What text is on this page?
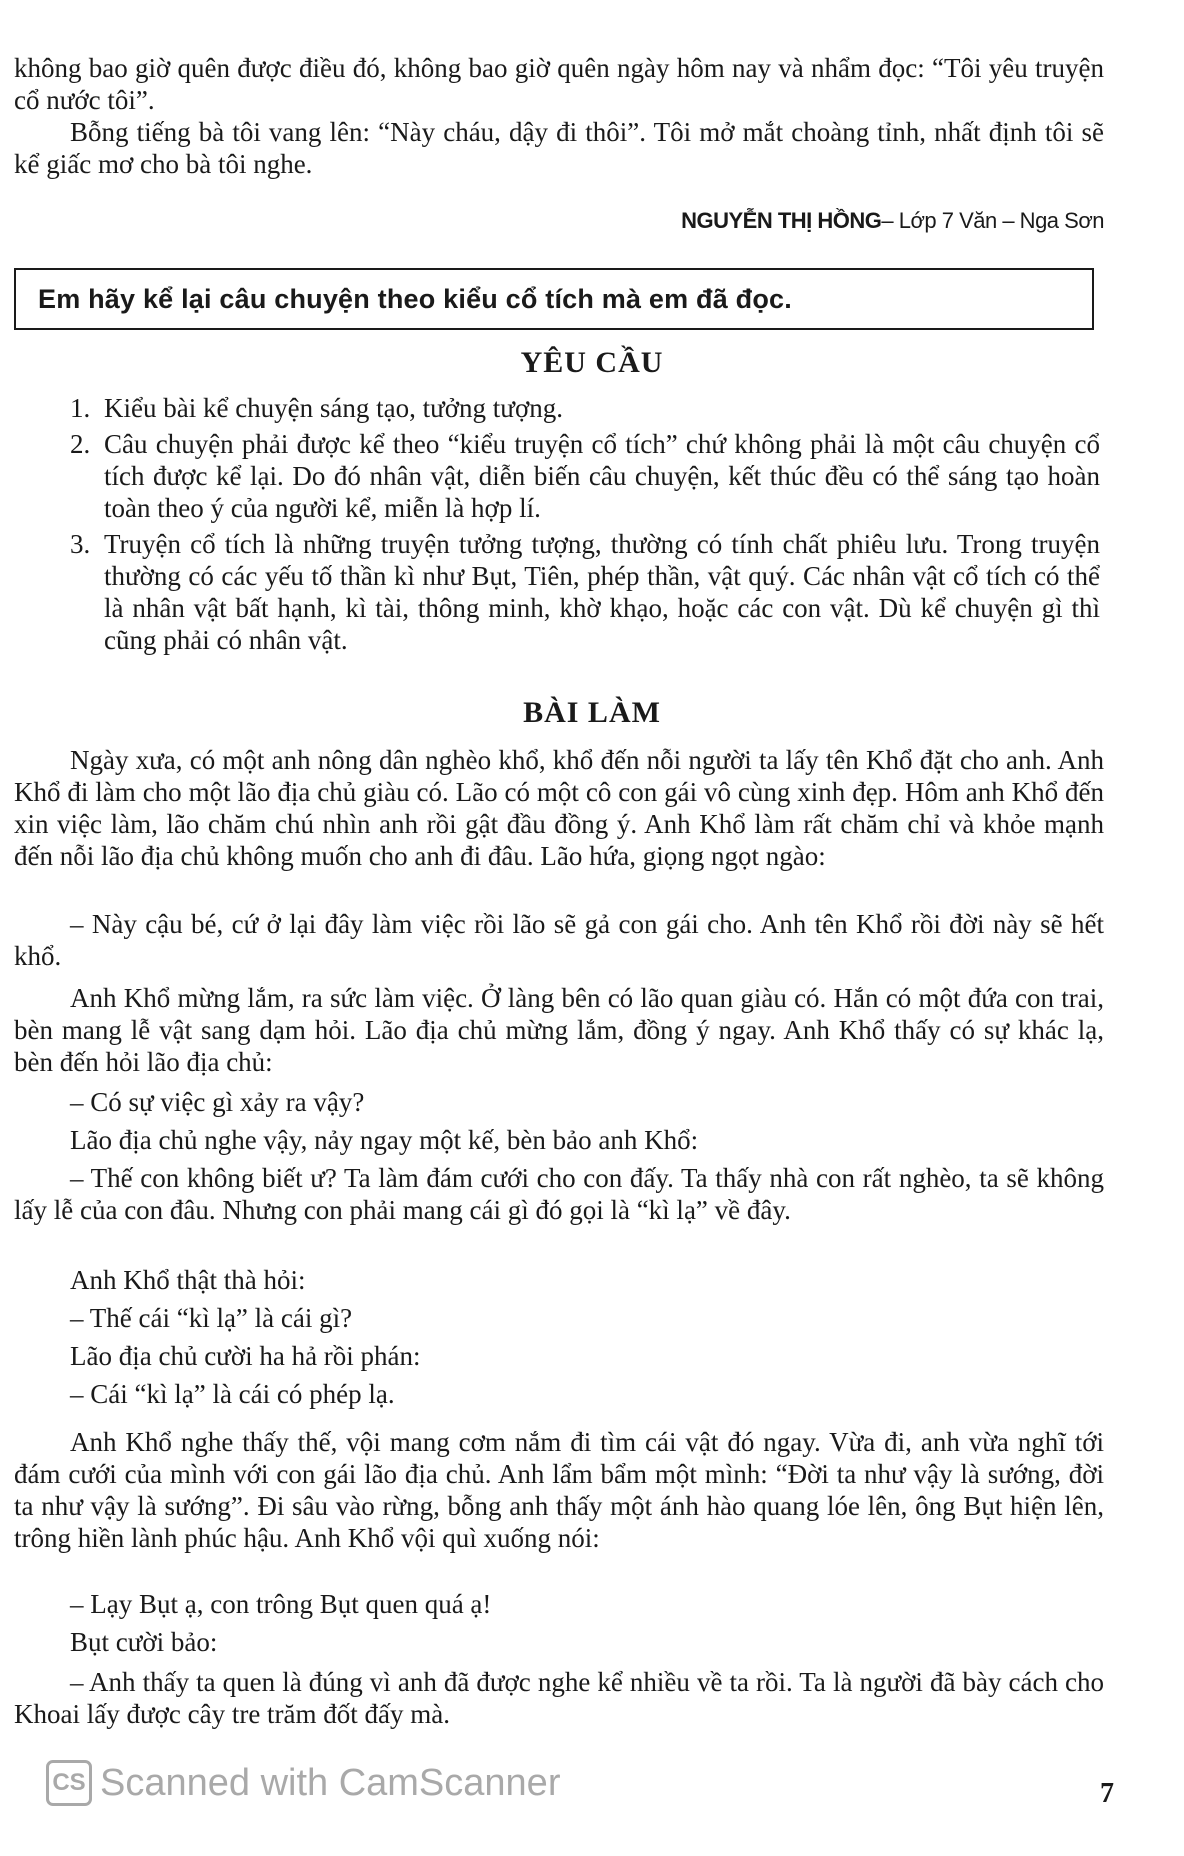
không bao giờ quên được điều đó, không bao giờ quên ngày hôm nay và nhẩm đọc: “Tôi yêu truyện cổ nước tôi”.

Bỗng tiếng bà tôi vang lên: “Này cháu, dậy đi thôi”. Tôi mở mắt choàng tỉnh, nhất định tôi sẽ kể giấc mơ cho bà tôi nghe.

NGUYỄN THỊ HỒNG– Lớp 7 Văn – Nga Sơn
Em hãy kể lại câu chuyện theo kiểu cổ tích mà em đã đọc.
YÊU CẦU
1. Kiểu bài kể chuyện sáng tạo, tưởng tượng.
2. Câu chuyện phải được kể theo “kiểu truyện cổ tích” chứ không phải là một câu chuyện cổ tích được kể lại. Do đó nhân vật, diễn biến câu chuyện, kết thúc đều có thể sáng tạo hoàn toàn theo ý của người kể, miễn là hợp lí.
3. Truyện cổ tích là những truyện tưởng tượng, thường có tính chất phiêu lưu. Trong truyện thường có các yếu tố thần kì như Bụt, Tiên, phép thần, vật quý. Các nhân vật cổ tích có thể là nhân vật bất hạnh, kì tài, thông minh, khờ khạo, hoặc các con vật. Dù kể chuyện gì thì cũng phải có nhân vật.
BÀI LÀM

Ngày xưa, có một anh nông dân nghèo khổ, khổ đến nỗi người ta lấy tên Khổ đặt cho anh. Anh Khổ đi làm cho một lão địa chủ giàu có. Lão có một cô con gái vô cùng xinh đẹp. Hôm anh Khổ đến xin việc làm, lão chăm chú nhìn anh rồi gật đầu đồng ý. Anh Khổ làm rất chăm chỉ và khỏe mạnh đến nỗi lão địa chủ không muốn cho anh đi đâu. Lão hứa, giọng ngọt ngào:

– Này cậu bé, cứ ở lại đây làm việc rồi lão sẽ gả con gái cho. Anh tên Khổ rồi đời này sẽ hết khổ.

Anh Khổ mừng lắm, ra sức làm việc. Ở làng bên có lão quan giàu có. Hắn có một đứa con trai, bèn mang lễ vật sang dạm hỏi. Lão địa chủ mừng lắm, đồng ý ngay. Anh Khổ thấy có sự khác lạ, bèn đến hỏi lão địa chủ:

– Có sự việc gì xảy ra vậy?

Lão địa chủ nghe vậy, nảy ngay một kế, bèn bảo anh Khổ:

– Thế con không biết ư? Ta làm đám cưới cho con đấy. Ta thấy nhà con rất nghèo, ta sẽ không lấy lễ của con đâu. Nhưng con phải mang cái gì đó gọi là “kì lạ” về đây.

Anh Khổ thật thà hỏi:

– Thế cái “kì lạ” là cái gì?

Lão địa chủ cười ha hả rồi phán:

– Cái “kì lạ” là cái có phép lạ.

Anh Khổ nghe thấy thế, vội mang cơm nắm đi tìm cái vật đó ngay. Vừa đi, anh vừa nghĩ tới đám cưới của mình với con gái lão địa chủ. Anh lẩm bẩm một mình: “Đời ta như vậy là sướng, đời ta như vậy là sướng”. Đi sâu vào rừng, bỗng anh thấy một ánh hào quang lóe lên, ông Bụt hiện lên, trông hiền lành phúc hậu. Anh Khổ vội quì xuống nói:

– Lạy Bụt ạ, con trông Bụt quen quá ạ!

Bụt cười bảo:

– Anh thấy ta quen là đúng vì anh đã được nghe kể nhiều về ta rồi. Ta là người đã bày cách cho Khoai lấy được cây tre trăm đốt đấy mà.

CS Scanned with CamScanner	7
